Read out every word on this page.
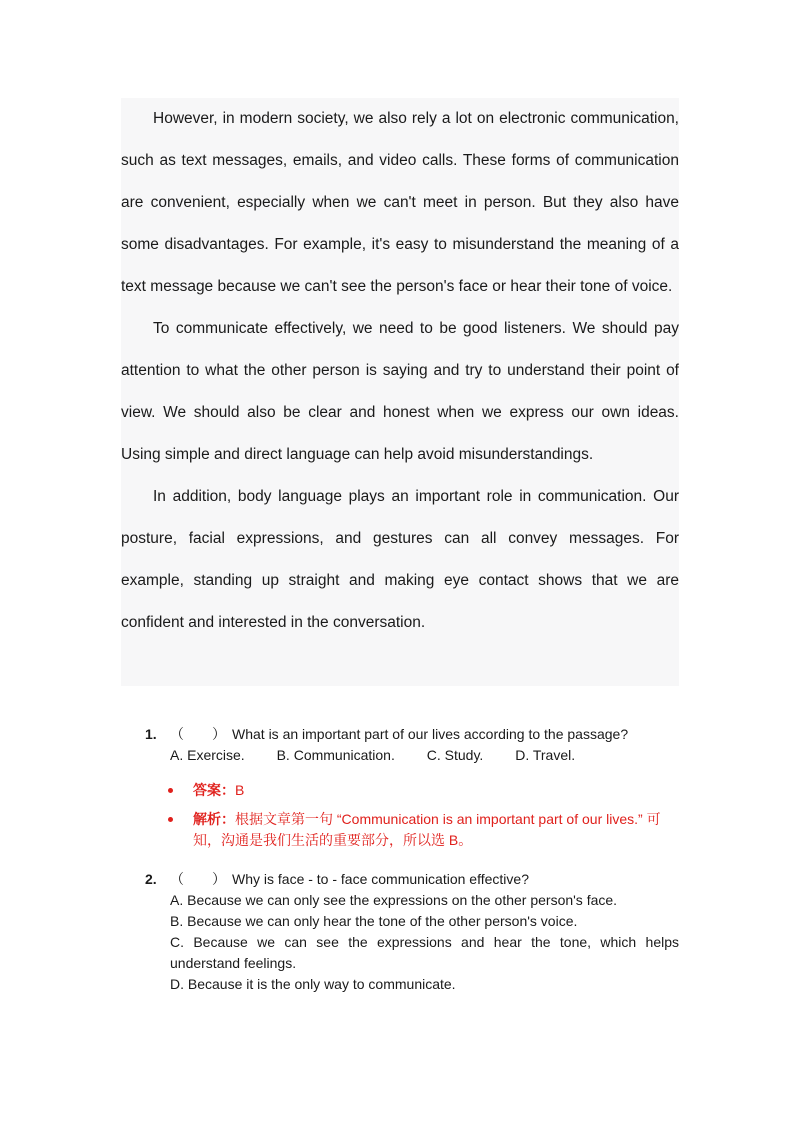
However, in modern society, we also rely a lot on electronic communication, such as text messages, emails, and video calls. These forms of communication are convenient, especially when we can't meet in person. But they also have some disadvantages. For example, it's easy to misunderstand the meaning of a text message because we can't see the person's face or hear their tone of voice.

To communicate effectively, we need to be good listeners. We should pay attention to what the other person is saying and try to understand their point of view. We should also be clear and honest when we express our own ideas. Using simple and direct language can help avoid misunderstandings.

In addition, body language plays an important role in communication. Our posture, facial expressions, and gestures can all convey messages. For example, standing up straight and making eye contact shows that we are confident and interested in the conversation.

1. （　　） What is an important part of our lives according to the passage?
A. Exercise. B. Communication. C. Study. D. Travel.
答案：B
解析：根据文章第一句 “Communication is an important part of our lives.” 可知，沟通是我们生活的重要部分，所以选 B。
2. （　　） Why is face - to - face communication effective?
A. Because we can only see the expressions on the other person's face.
B. Because we can only hear the tone of the other person's voice.
C. Because we can see the expressions and hear the tone, which helps understand feelings.
D. Because it is the only way to communicate.
